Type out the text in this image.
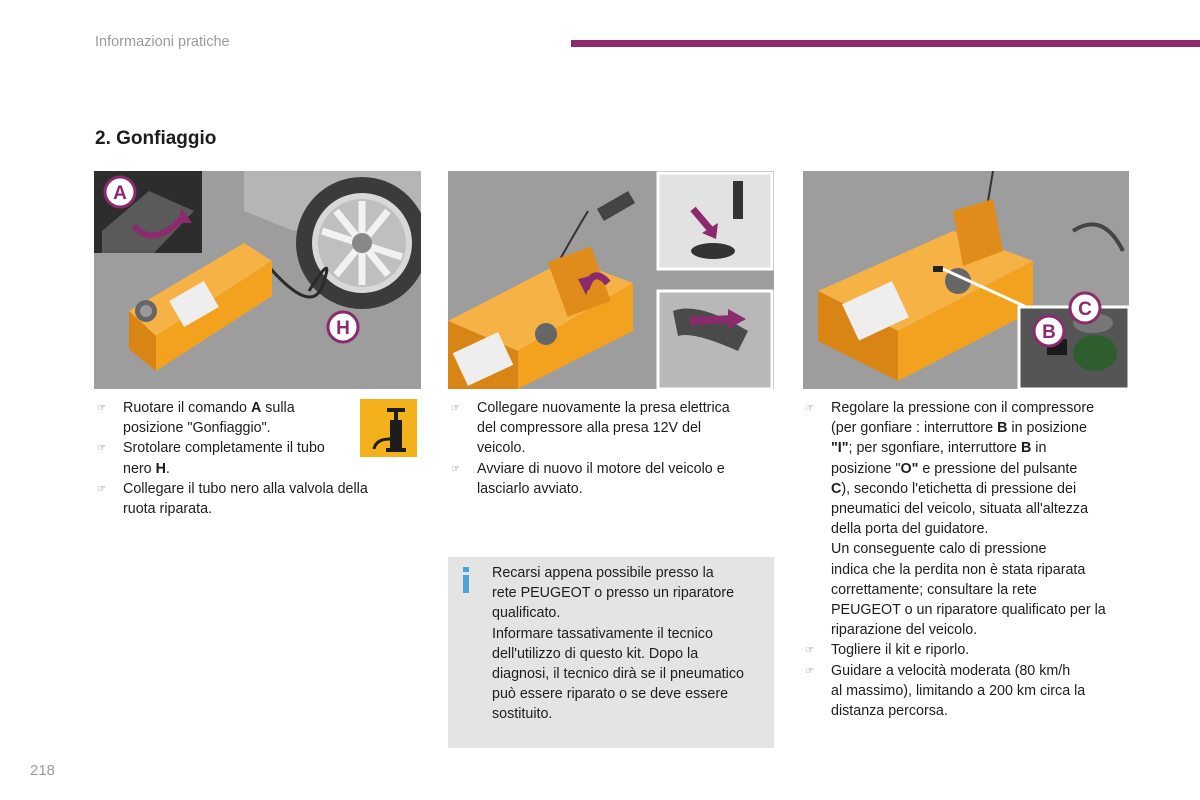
Informazioni pratiche
2. Gonfiaggio
A
H
C
B
☞ Ruotare il comando A sulla
posizione "Gonfiaggio".
☞ Srotolare completamente il tubo
nero H.
☞ Collegare il tubo nero alla valvola della
ruota riparata.
☞ Collegare nuovamente la presa elettrica
del compressore alla presa 12V del
veicolo.
☞ Avviare di nuovo il motore del veicolo e
lasciarlo avviato.
☞ Regolare la pressione con il compressore
(per gonfiare : interruttore B in posizione
"I"; per sgonfiare, interruttore B in
posizione "O" e pressione del pulsante
C), secondo l'etichetta di pressione dei
pneumatici del veicolo, situata all'altezza
della porta del guidatore.
Un conseguente calo di pressione
indica che la perdita non è stata riparata
correttamente; consultare la rete
PEUGEOT o un riparatore qualificato per la
riparazione del veicolo.
☞ Togliere il kit e riporlo.
☞ Guidare a velocità moderata (80 km/h
al massimo), limitando a 200 km circa la
distanza percorsa.
Recarsi appena possibile presso la
rete PEUGEOT o presso un riparatore
qualificato.
Informare tassativamente il tecnico
dell'utilizzo di questo kit. Dopo la
diagnosi, il tecnico dirà se il pneumatico
può essere riparato o se deve essere
sostituito.
218
